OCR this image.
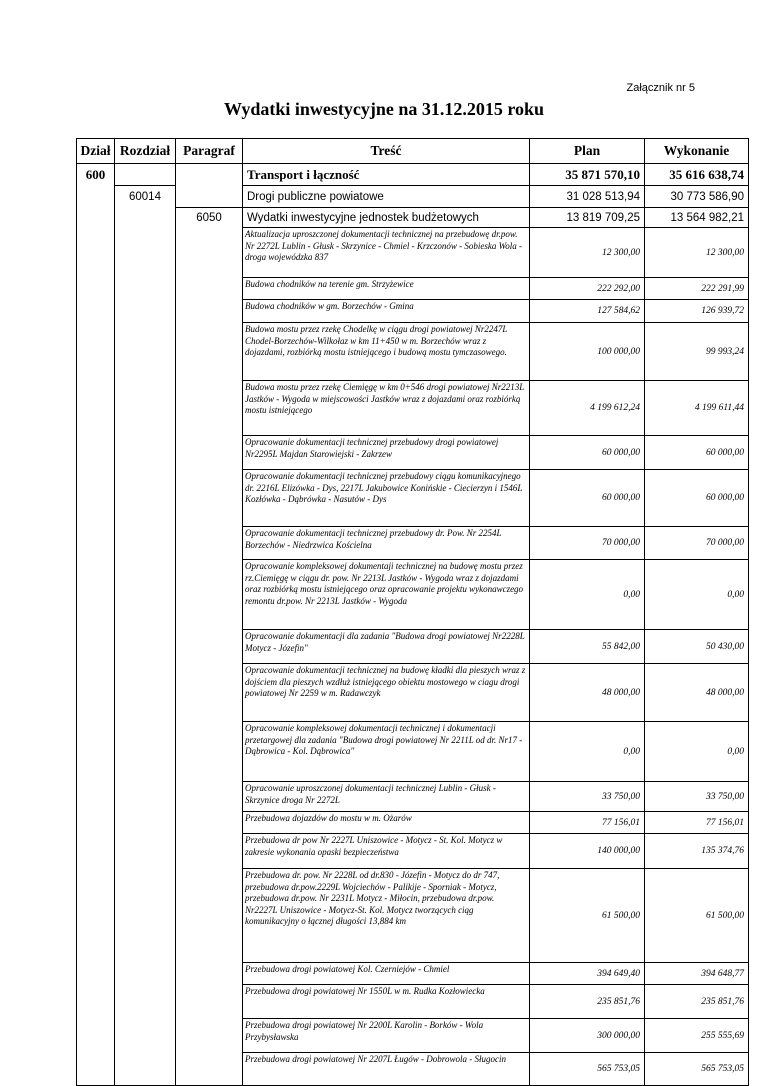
Załącznik nr 5
Wydatki inwestycyjne na 31.12.2015 roku
Dział	Rozdział	Paragraf	Treść	Plan	Wykonanie
600			Transport i łączność	35 871 570,10	35 616 638,74
	60014		Drogi publiczne powiatowe	31 028 513,94	30 773 586,90
		6050	Wydatki inwestycyjne jednostek budżetowych	13 819 709,25	13 564 982,21
			Aktualizacja uproszczonej dokumentacji technicznej na przebudowę dr.pow. Nr 2272L Lublin - Głusk - Skrzynice - Chmiel - Krzczonów - Sobieska Wola - droga wojewódzka 837	12 300,00	12 300,00
			Budowa chodników na terenie gm. Strzyżewice	222 292,00	222 291,99
			Budowa chodników w gm. Borzechów - Gmina	127 584,62	126 939,72
			Budowa mostu przez rzekę Chodelkę w ciągu drogi powiatowej Nr2247L Chodel-Borzechów-Wilkołaz w km 11+450 w m. Borzechów wraz z dojazdami, rozbiórką mostu istniejącego i budową mostu tymczasowego.	100 000,00	99 993,24
			Budowa mostu przez rzekę Ciemięgę w km 0+546 drogi powiatowej Nr2213L Jastków - Wygoda w miejscowości Jastków wraz z dojazdami oraz rozbiórką mostu istniejącego	4 199 612,24	4 199 611,44
			Opracowanie dokumentacji technicznej przebudowy drogi powiatowej Nr2295L Majdan Starowiejski - Zakrzew	60 000,00	60 000,00
			Opracowanie dokumentacji technicznej przebudowy ciągu komunikacyjnego dr. 2216L Elizówka - Dys, 2217L Jakubowice Konińskie - Ciecierzyn i 1546L Kozłówka - Dąbrówka - Nasutów - Dys	60 000,00	60 000,00
			Opracowanie dokumentacji technicznej przebudowy dr. Pow. Nr 2254L Borzechów - Niedrzwica Kościelna	70 000,00	70 000,00
			Opracowanie kompleksowej dokumentaji technicznej na budowę mostu przez rz.Ciemięgę w ciągu dr. pow. Nr 2213L Jastków - Wygoda wraz z dojazdami oraz rozbiórką mostu istniejącego oraz opracowanie projektu wykonawczego remontu dr.pow. Nr 2213L Jastków - Wygoda	0,00	0,00
			Opracowanie dokumentacji dla zadania "Budowa drogi powiatowej Nr2228L Motycz - Józefin"	55 842,00	50 430,00
			Opracowanie dokumentacji technicznej na budowę kładki dla pieszych wraz z dojściem dla pieszych wzdłuż istniejącego obiektu mostowego w ciagu drogi powiatowej Nr 2259 w m. Radawczyk	48 000,00	48 000,00
			Opracowanie kompleksowej dokumentacji technicznej i dokumentacji przetargowej dla zadania "Budowa drogi powiatowej Nr 2211L od dr. Nr17 - Dąbrowica - Kol. Dąbrowica"	0,00	0,00
			Opracowanie uproszczonej dokumentacji technicznej Lublin - Głusk - Skrzynice droga Nr 2272L	33 750,00	33 750,00
			Przebudowa dojazdów do mostu w m. Ożarów	77 156,01	77 156,01
			Przebudowa dr pow Nr 2227L Uniszowice - Motycz - St. Kol. Motycz w zakresie wykonania opaski bezpieczeństwa	140 000,00	135 374,76
			Przebudowa dr. pow. Nr 2228L od dr.830 - Józefin - Motycz do dr 747, przebudowa dr.pow.2229L Wojciechów - Palikije - Sporniak - Motycz, przebudowa dr.pow. Nr 2231L Motycz - Miłocin, przebudowa dr.pow. Nr2227L Uniszowice - Motycz-St. Kol. Motycz tworzących ciąg komunikacyjny o łącznej długości 13,884 km	61 500,00	61 500,00
			Przebudowa drogi powiatowej Kol. Czerniejów - Chmiel	394 649,40	394 648,77
			Przebudowa drogi powiatowej Nr 1550L w m. Rudka Kozłowiecka	235 851,76	235 851,76
			Przebudowa drogi powiatowej Nr 2200L Karolin - Borków - Wola Przybysławska	300 000,00	255 555,69
			Przebudowa drogi powiatowej Nr 2207L Ługów - Dobrowola - Sługocin	565 753,05	565 753,05
